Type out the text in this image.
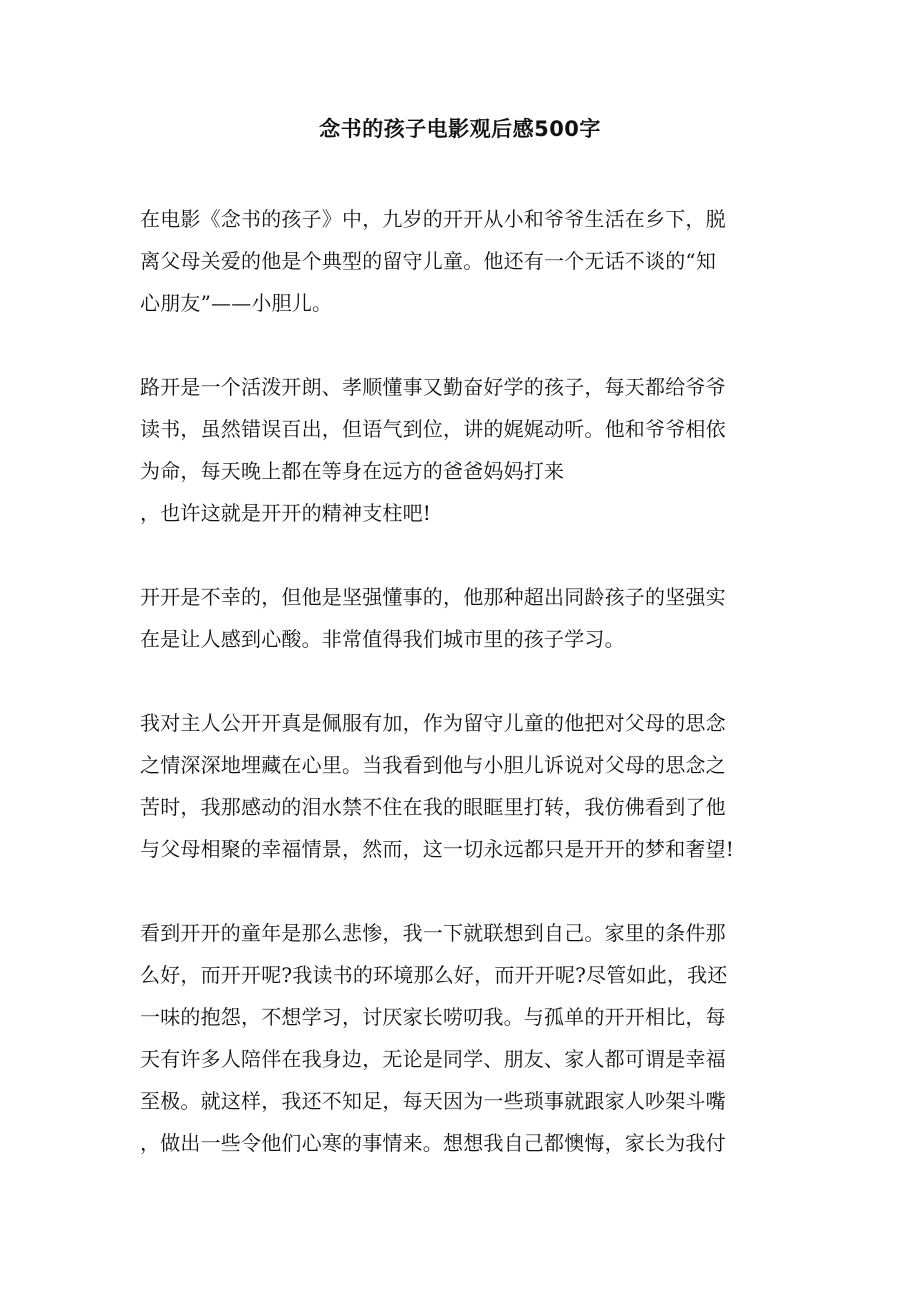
念书的孩子电影观后感500字
在电影《念书的孩子》中，九岁的开开从小和爷爷生活在乡下，脱
离父母关爱的他是个典型的留守儿童。他还有一个无话不谈的“知
心朋友”——小胆儿。
路开是一个活泼开朗、孝顺懂事又勤奋好学的孩子，每天都给爷爷
读书，虽然错误百出，但语气到位，讲的娓娓动听。他和爷爷相依
为命，每天晚上都在等身在远方的爸爸妈妈打来
，也许这就是开开的精神支柱吧!
开开是不幸的，但他是坚强懂事的，他那种超出同龄孩子的坚强实
在是让人感到心酸。非常值得我们城市里的孩子学习。
我对主人公开开真是佩服有加，作为留守儿童的他把对父母的思念
之情深深地埋藏在心里。当我看到他与小胆儿诉说对父母的思念之
苦时，我那感动的泪水禁不住在我的眼眶里打转，我仿佛看到了他
与父母相聚的幸福情景，然而，这一切永远都只是开开的梦和奢望!
看到开开的童年是那么悲惨，我一下就联想到自己。家里的条件那
么好，而开开呢?我读书的环境那么好，而开开呢?尽管如此，我还
一味的抱怨，不想学习，讨厌家长唠叨我。与孤单的开开相比，每
天有许多人陪伴在我身边，无论是同学、朋友、家人都可谓是幸福
至极。就这样，我还不知足，每天因为一些琐事就跟家人吵架斗嘴
，做出一些令他们心寒的事情来。想想我自己都懊悔，家长为我付
